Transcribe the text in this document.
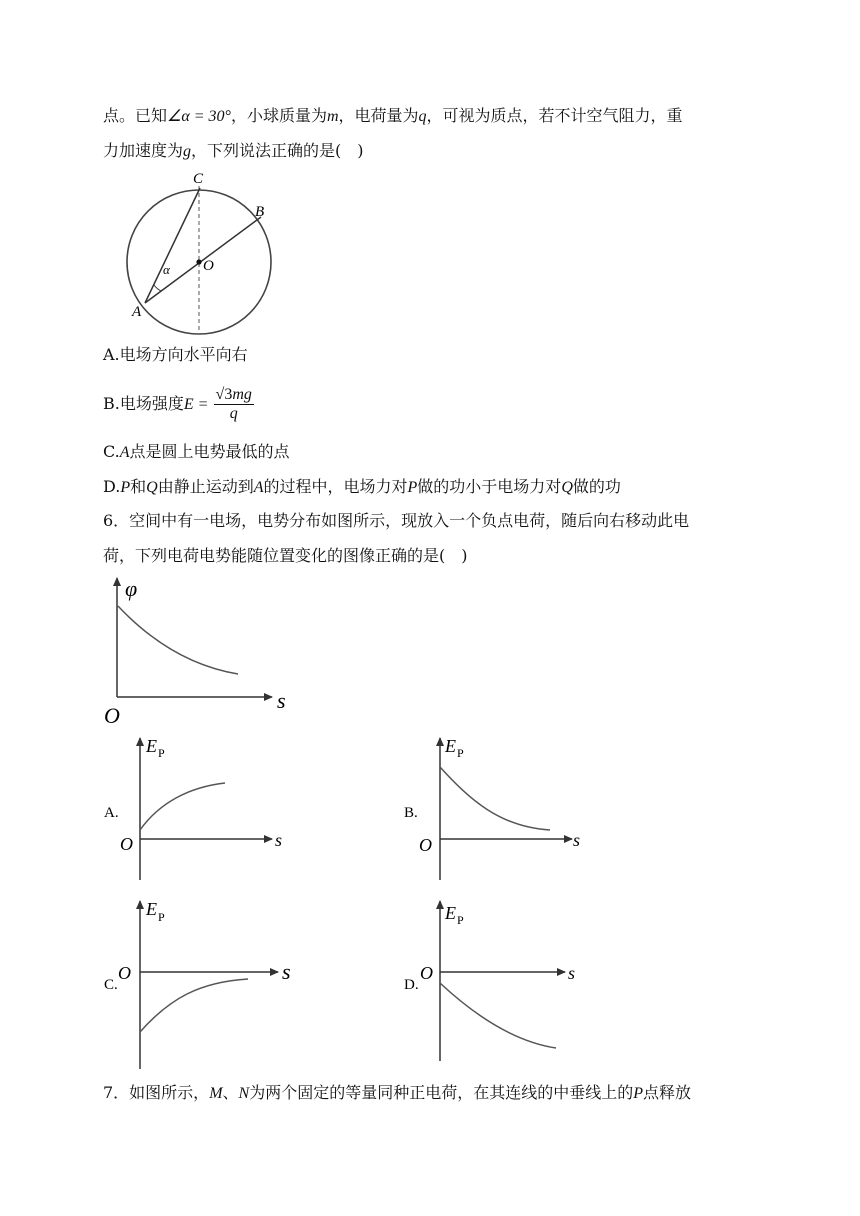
点。已知∠α = 30°，小球质量为m，电荷量为q，可视为质点，若不计空气阻力，重
力加速度为g，下列说法正确的是(　)
C
B
O
α
A
A.电场方向水平向右
B.电场强度$E = \frac{√3mg}{q}$
C.A点是圆上电势最低的点
D.P和Q由静止运动到A的过程中，电场力对P做的功小于电场力对Q做的功
6．空间中有一电场，电势分布如图所示，现放入一个负点电荷，随后向右移动此电
荷，下列电荷电势能随位置变化的图像正确的是(　)
φ
s
O
A.
E P
s
O
B.
E P
s
O
C.
E P
s
O
D.
E P
s
O
7．如图所示，M、N为两个固定的等量同种正电荷，在其连线的中垂线上的P点释放
